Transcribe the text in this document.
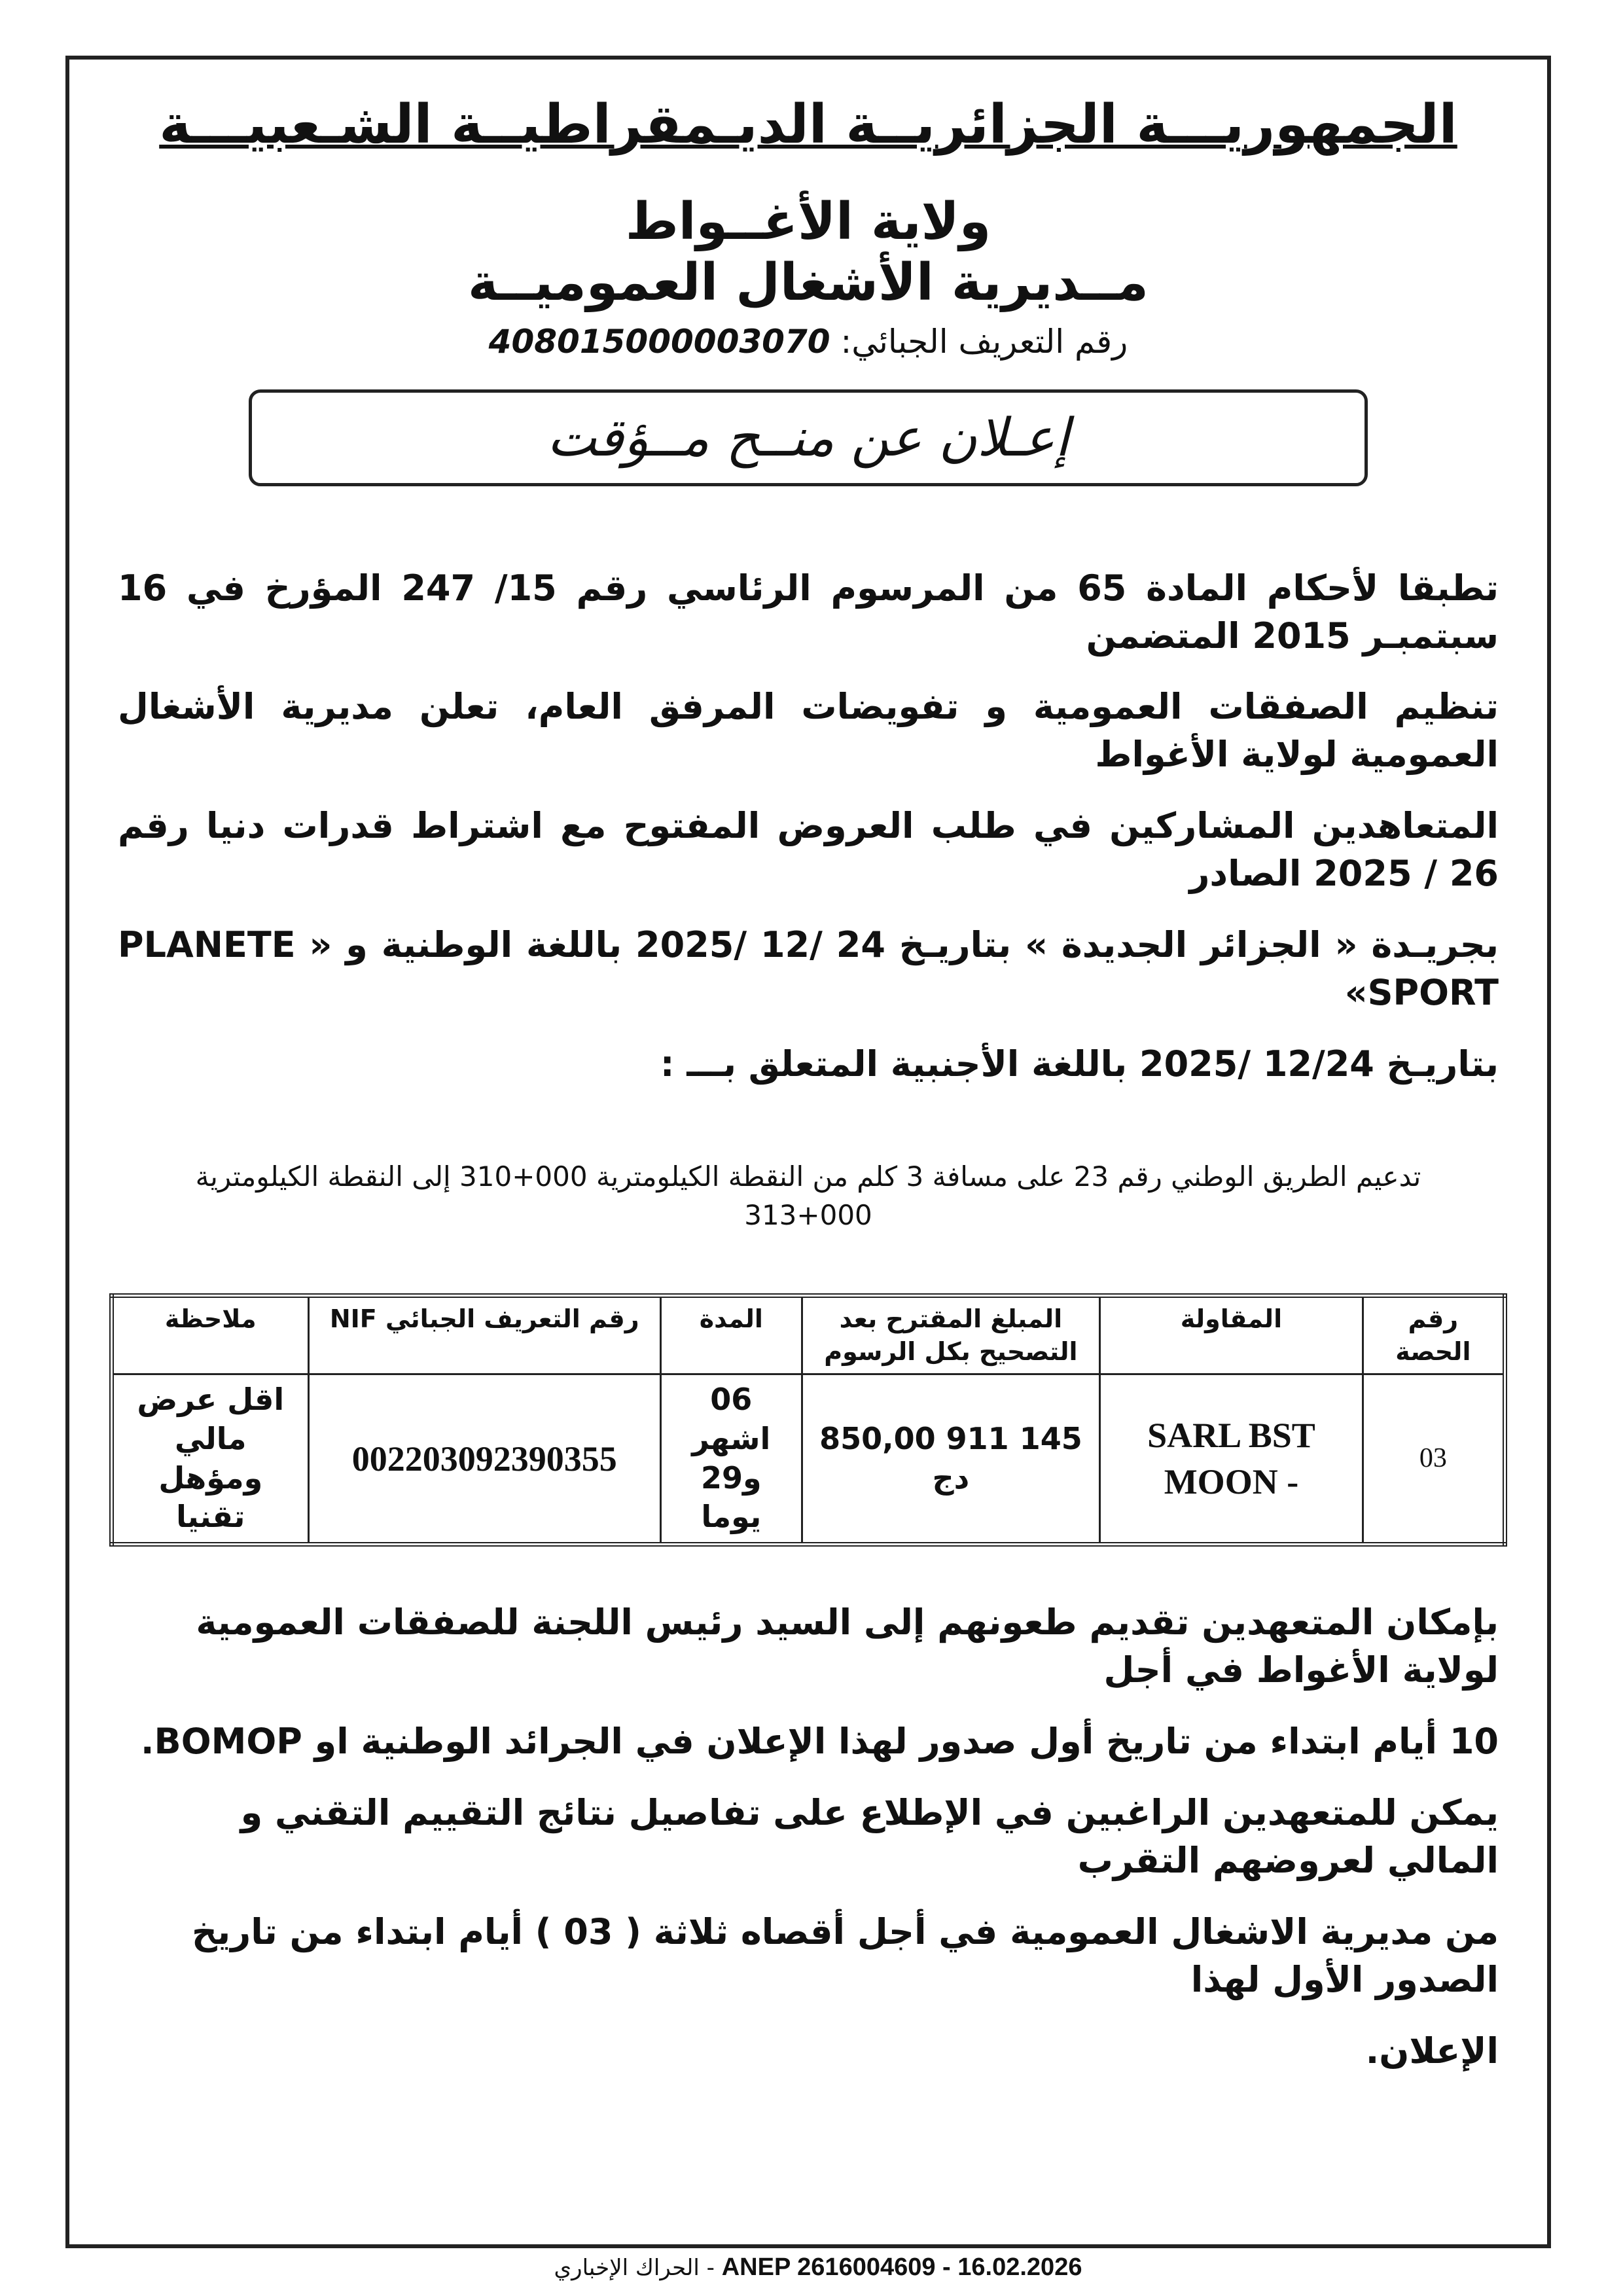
الجمهوريـــة الجزائريــة الديـمقراطيــة الشـعبيـــة
ولاية الأغــواط
مــديرية الأشغال العموميــة
رقم التعريف الجبائي: 408015000003070
إعـلان عن منــح مــؤقت
تطبقا لأحكام المادة 65 من المرسوم الرئاسي رقم 15/ 247 المؤرخ في 16 سبتمبـر 2015 المتضمن
تنظيم الصفقات العمومية و تفويضات المرفق العام، تعلن مديرية الأشغال العمومية لولاية الأغواط
المتعاهدين المشاركين في طلب العروض المفتوح مع اشتراط قدرات دنيا رقم 26 / 2025 الصادر
بجريـدة « الجزائر الجديدة » بتاريـخ 24 /12 /2025 باللغة الوطنية و « PLANETE SPORT»
بتاريـخ 12/24 /2025 باللغة الأجنبية المتعلق بـــ :
تدعيم الطريق الوطني رقم 23 على مسافة 3 كلم من النقطة الكيلومترية 000+310 إلى النقطة الكيلومترية 000+313
رقم الحصة	المقاولة	المبلغ المقترح بعد التصحيح بكل الرسوم	المدة	رقم التعريف الجبائي NIF	ملاحظة
03	SARL BST MOON -	145 911 850,00 دج	06 اشهر و29 يوما	002203092390355	اقل عرض مالي ومؤهل تقنيا
بإمكان المتعهدين تقديم طعونهم إلى السيد رئيس اللجنة للصفقات العمومية لولاية الأغواط في أجل
10 أيام ابتداء من تاريخ أول صدور لهذا الإعلان في الجرائد الوطنية او BOMOP.
يمكن للمتعهدين الراغبين في الإطلاع على تفاصيل نتائج التقييم التقني و المالي لعروضهم التقرب
من مديرية الاشغال العمومية في أجل أقصاه ثلاثة ( 03 ) أيام ابتداء من تاريخ الصدور الأول لهذا
الإعلان.
الحراك الإخباري - ANEP 2616004609 - 16.02.2026
